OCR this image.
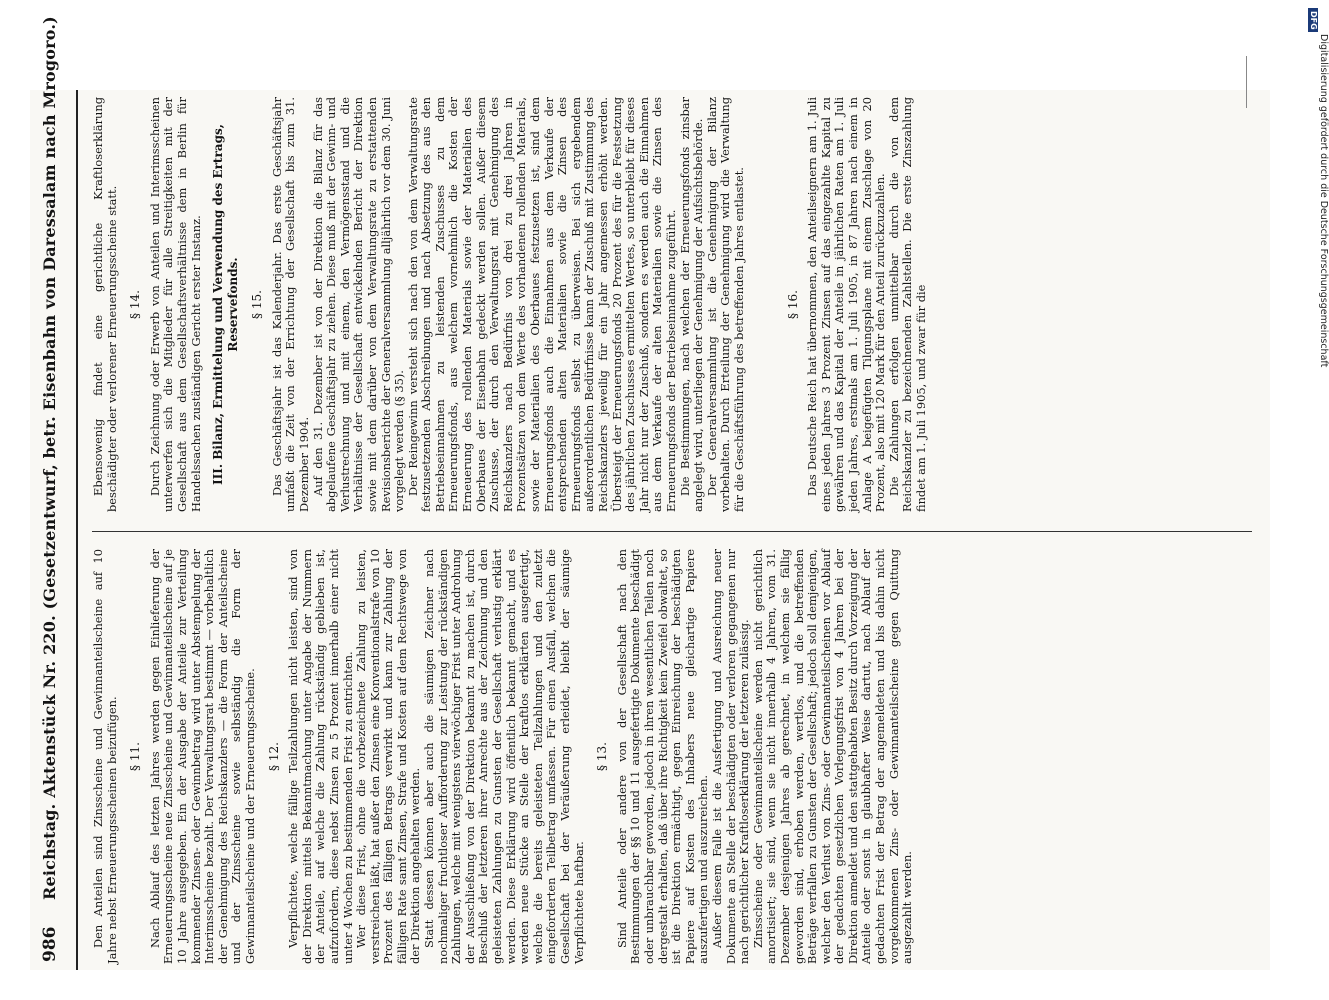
986
Reichstag. Aktenstück Nr. 220. (Gesetzentwurf, betr. Eisenbahn von Daressalam nach Mrogoro.)	Den Anteilen sind Zinsscheine und Gewinnanteilscheine auf 10 Jahre nebst Erneuerungsscheinen beizufügen. § 11. Nach Ablauf des letzten Jahres werden gegen Einlieferung der Erneuerungsscheine neue Zinsscheine und Gewinnanteilscheine auf je 10 Jahre ausgegeben. Ein der Ausgabe der Anteile zur Verteilung kommender Zinsen- oder Gewinnbetrag wird unter Abstempelung der Interimsscheine bezahlt. Der Verwaltungsrat bestimmt — vorbehaltlich der Genehmigung des Reichskanzlers — die Form der Anteilscheine und der Zinsscheine sowie selbständig die Form der Gewinnanteilscheine und der Erneuerungsscheine. § 12. Verpflichtete, welche fällige Teilzahlungen nicht leisten, sind von der Direktion mittels Bekanntmachung unter Angabe der Nummern der Anteile, auf welche die Zahlung rückständig geblieben ist, aufzufordern, diese nebst Zinsen zu 5 Prozent innerhalb einer nicht unter 4 Wochen zu bestimmenden Frist zu entrichten. Wer diese Frist, ohne die vorbezeichnete Zahlung zu leisten, verstreichen läßt, hat außer den Zinsen eine Konventionalstrafe von 10 Prozent des fälligen Betrags verwirkt und kann zur Zahlung der fälligen Rate samt Zinsen, Strafe und Kosten auf dem Rechtswege von der Direktion angehalten werden. Statt dessen können aber auch die säumigen Zeichner nach nochmaliger fruchtloser Aufforderung zur Leistung der rückständigen Zahlungen, welche mit wenigstens vierwöchiger Frist unter Androhung der Ausschließung von der Direktion bekannt zu machen ist, durch Beschluß der letzteren ihrer Anrechte aus der Zeichnung und den geleisteten Zahlungen zu Gunsten der Gesellschaft verlustig erklärt werden. Diese Erklärung wird öffentlich bekannt gemacht, und es werden neue Stücke an Stelle der kraftlos erklärten ausgefertigt, welche die bereits geleisteten Teilzahlungen und den zuletzt eingeforderten Teilbetrag umfassen. Für einen Ausfall, welchen die Gesellschaft bei der Veräußerung erleidet, bleibt der säumige Verpflichtete haftbar.

§ 13. Sind Anteile oder andere von der Gesellschaft nach den Bestimmungen der §§ 10 und 11 ausgefertigte Dokumente beschädigt oder unbrauchbar geworden, jedoch in ihren wesentlichen Teilen noch dergestalt erhalten, daß über ihre Richtigkeit kein Zweifel obwaltet, so ist die Direktion ermächtigt, gegen Einreichung der beschädigten Papiere auf Kosten des Inhabers neue gleichartige Papiere auszufertigen und auszureichen. Außer diesem Falle ist die Ausfertigung und Ausreichung neuer Dokumente an Stelle der beschädigten oder verloren gegangenen nur nach gerichtlicher Kraftloserklärung der letzteren zulässig. Zinsscheine oder Gewinnanteilscheine werden nicht gerichtlich amortisiert; sie sind, wenn sie nicht innerhalb 4 Jahren, vom 31. Dezember desjenigen Jahres ab gerechnet, in welchem sie fällig geworden sind, erhoben werden, wertlos, und die betreffenden Beträge verfallen zu Gunsten der Gesellschaft; jedoch soll demjenigen, welcher den Verlust von Zins- oder Gewinnanteilscheinen vor Ablauf der gedachten gesetzlichen Vorlegungsfrist von 4 Jahren bei der Direktion anmeldet und den stattgehabten Besitz durch Vorzeigung der Anteile oder sonst in glaubhafter Weise dartut, nach Ablauf der gedachten Frist der Betrag der angemeldeten und bis dahin nicht vorgekommenen Zins- oder Gewinnanteilscheine gegen Quittung ausgezahlt werden.

Ebensowenig findet eine gerichtliche Kraftloserklärung beschädigter oder verlorener Erneuerungsscheine statt. § 14. Durch Zeichnung oder Erwerb von Anteilen und Interimsscheinen unterwerfen sich die Mitglieder für alle Streitigkeiten mit der Gesellschaft aus dem Gesellschaftsverhältnisse dem in Berlin für Handelssachen zuständigen Gericht erster Instanz. III. Bilanz, Ermittelung und Verwendung des Ertrags, Reservefonds. § 15. Das Geschäftsjahr ist das Kalenderjahr. Das erste Geschäftsjahr umfaßt die Zeit von der Errichtung der Gesellschaft bis zum 31. Dezember 1904. Auf den 31. Dezember ist von der Direktion die Bilanz für das abgelaufene Geschäftsjahr zu ziehen. Diese muß mit der Gewinn- und Verlustrechnung und mit einem, den Vermögensstand und die Verhältnisse der Gesellschaft entwickelnden Bericht der Direktion sowie mit dem darüber von dem Verwaltungsrate zu erstattenden Revisionsberichte der Generalversammlung alljährlich vor dem 30. Juni vorgelegt werden (§ 35). Der Reingewinn versteht sich nach den von dem Verwaltungsrate festzusetzenden Abschreibungen und nach Absetzung des aus den Betriebseinnahmen zu leistenden Zuschusses zu dem Erneuerungsfonds, aus welchem vornehmlich die Kosten der Erneuerung des rollenden Materials sowie der Materialien des Oberbaues der Eisenbahn gedeckt werden sollen. Außer diesem Zuschusse, der durch den Verwaltungsrat mit Genehmigung des Reichskanzlers nach Bedürfnis von drei zu drei Jahren in Prozentsätzen von dem Werte des vorhandenen rollenden Materials, sowie der Materialien des Oberbaues festzusetzen ist, sind dem Erneuerungsfonds auch die Einnahmen aus dem Verkaufe der entsprechenden alten Materialien sowie die Zinsen des Erneuerungsfonds selbst zu überweisen. Bei sich ergebendem außerordentlichen Bedürfnisse kann der Zuschuß mit Zustimmung des Reichskanzlers jeweilig für ein Jahr angemessen erhöht werden. Übersteigt der Erneuerungsfonds 20 Prozent des für die Festsetzung des jährlichen Zuschusses ermittelten Wertes, so unterbleibt für dieses Jahr nicht nur der Zuschuß, sondern es werden auch die Einnahmen aus dem Verkaufe der alten Materialien sowie die Zinsen des Erneuerungsfonds der Betriebseinnahme zugeführt. Die Bestimmungen, nach welchen der Erneuerungsfonds zinsbar angelegt wird, unterliegen der Genehmigung der Aufsichtsbehörde. Der Generalversammlung ist die Genehmigung der Bilanz vorbehalten. Durch Erteilung der Genehmigung wird die Verwaltung für die Geschäftsführung des betreffenden Jahres entlastet.	§ 16. Das Deutsche Reich hat übernommen, den Anteilseignern am 1. Juli eines jeden Jahres 3 Prozent Zinsen auf das eingezahlte Kapital zu gewähren und das Kapital der Anteile in jährlichen Raten am 1. Juli jeden Jahres, erstmals am 1. Juli 1905, in 87 Jahren nach einem in Anlage A beigefügten Tilgungsplane mit einem Zuschlage von 20 Prozent, also mit 120 Mark für den Anteil zurückzuzahlen. Die Zahlungen erfolgen unmittelbar durch die von dem Reichskanzler zu bezeichnenden Zahlstellen. Die erste Zinszahlung findet am 1. Juli 1905, und zwar für die

DFG
Digitalisierung gefördert durch die Deutsche Forschungsgemeinschaft
